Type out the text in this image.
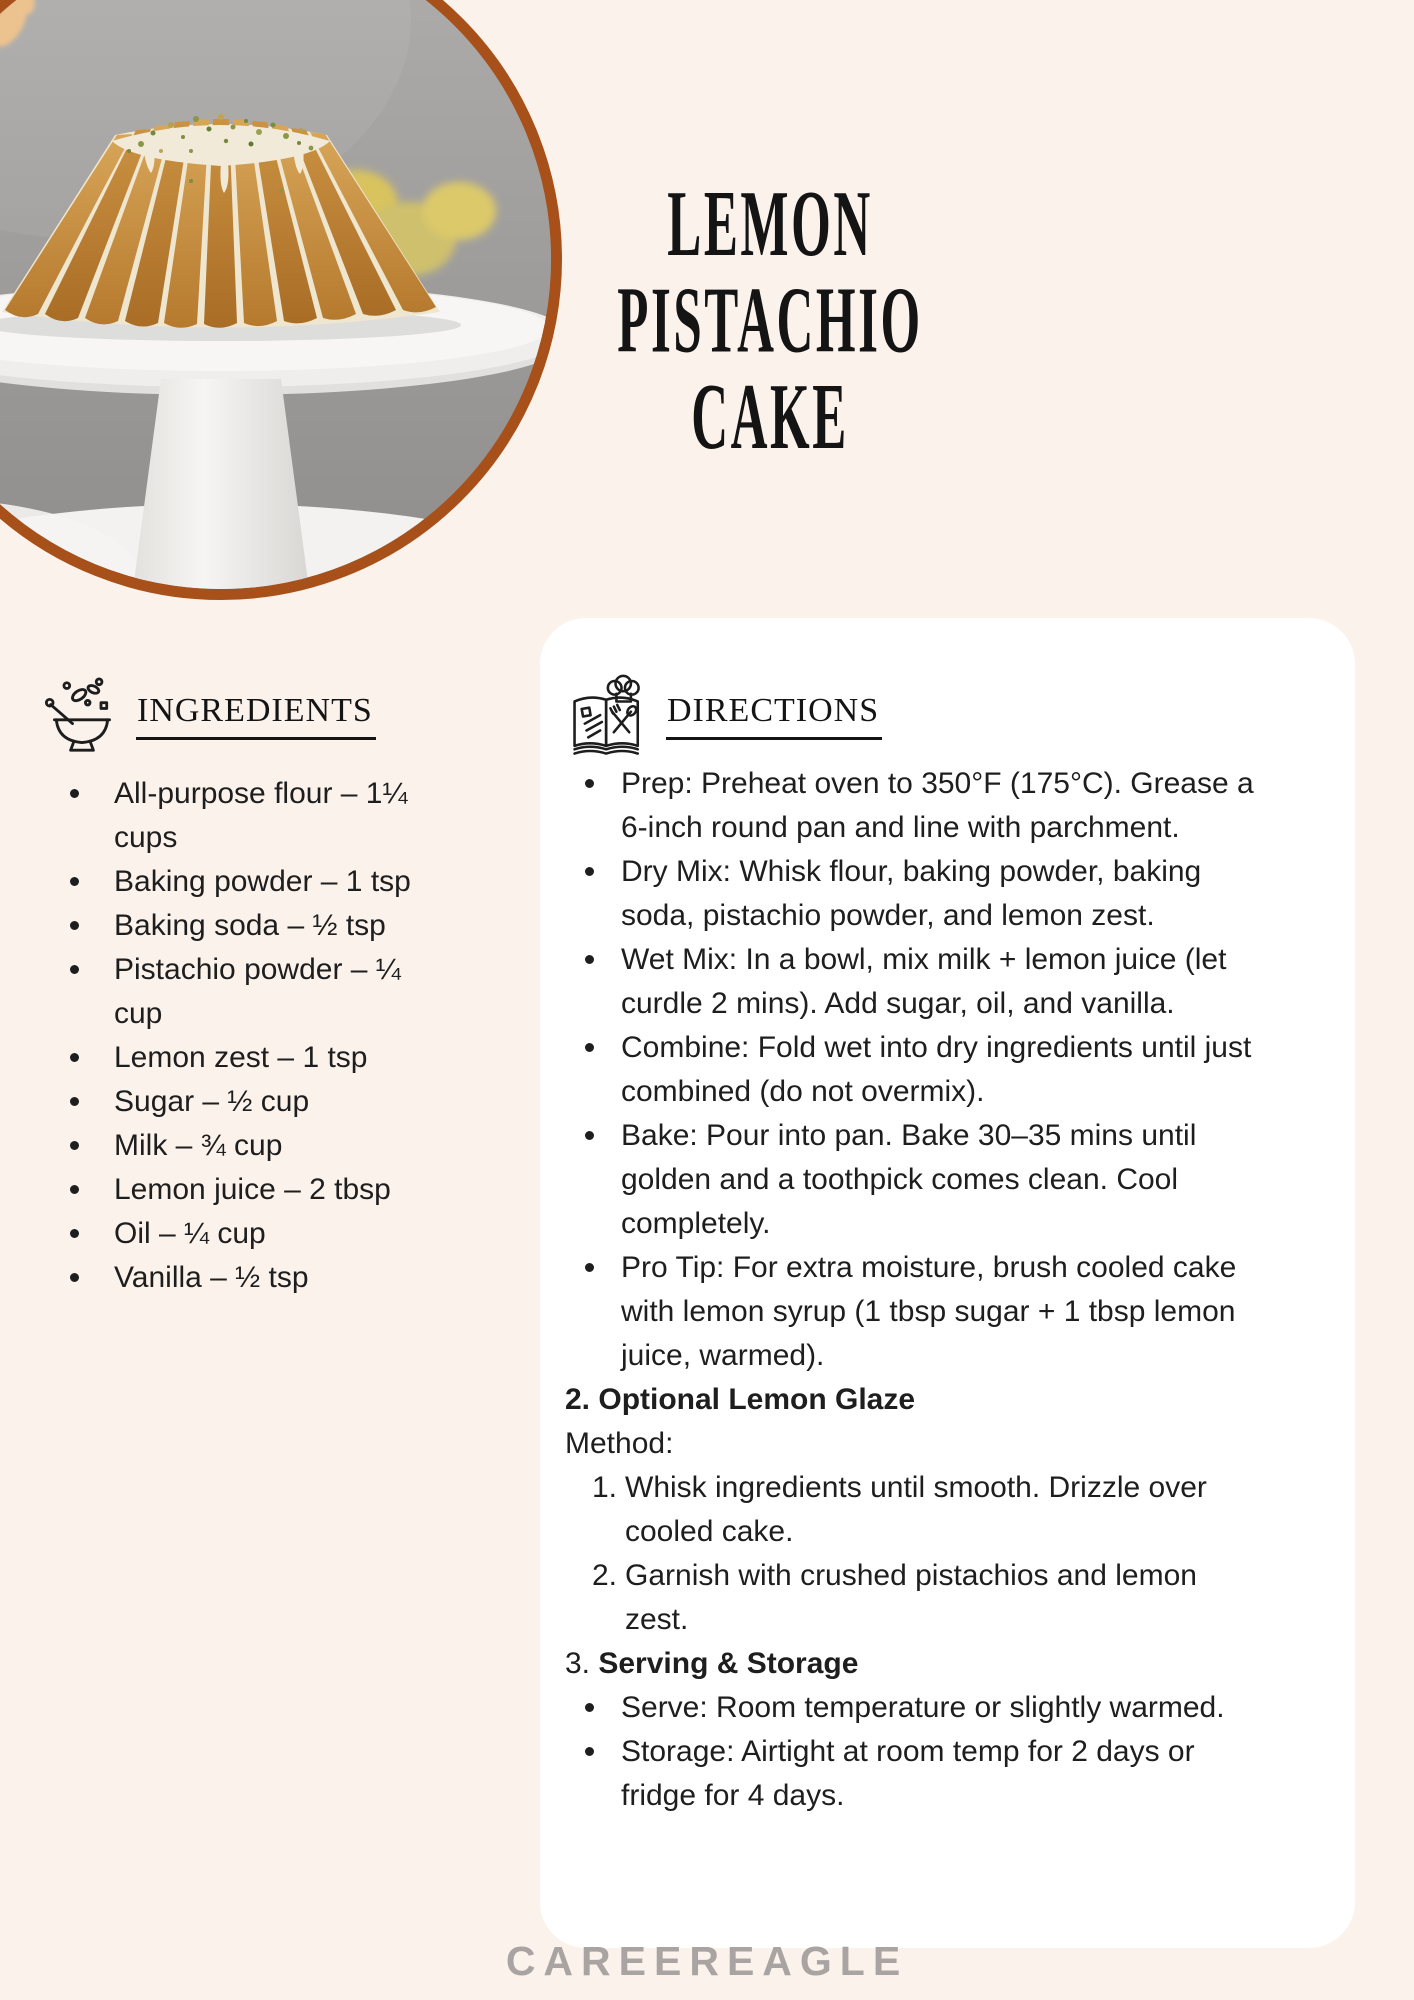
LEMON PISTACHIO
CAKE
INGREDIENTS
All-purpose flour – 1¼ cups
Baking powder – 1 tsp
Baking soda – ½ tsp
Pistachio powder – ¼ cup
Lemon zest – 1 tsp
Sugar – ½ cup
Milk – ¾ cup
Lemon juice – 2 tbsp
Oil – ¼ cup
Vanilla – ½ tsp
DIRECTIONS
Prep: Preheat oven to 350°F (175°C). Grease a 6-inch round pan and line with parchment.
Dry Mix: Whisk flour, baking powder, baking soda, pistachio powder, and lemon zest.
Wet Mix: In a bowl, mix milk + lemon juice (let curdle 2 mins). Add sugar, oil, and vanilla.
Combine: Fold wet into dry ingredients until just combined (do not overmix).
Bake: Pour into pan. Bake 30–35 mins until golden and a toothpick comes clean. Cool completely.
Pro Tip: For extra moisture, brush cooled cake with lemon syrup (1 tbsp sugar + 1 tbsp lemon juice, warmed).
2. Optional Lemon Glaze
Method:
1. Whisk ingredients until smooth. Drizzle over cooled cake.
2. Garnish with crushed pistachios and lemon zest.
3. Serving & Storage
Serve: Room temperature or slightly warmed.
Storage: Airtight at room temp for 2 days or fridge for 4 days.
CAREEREAGLE
